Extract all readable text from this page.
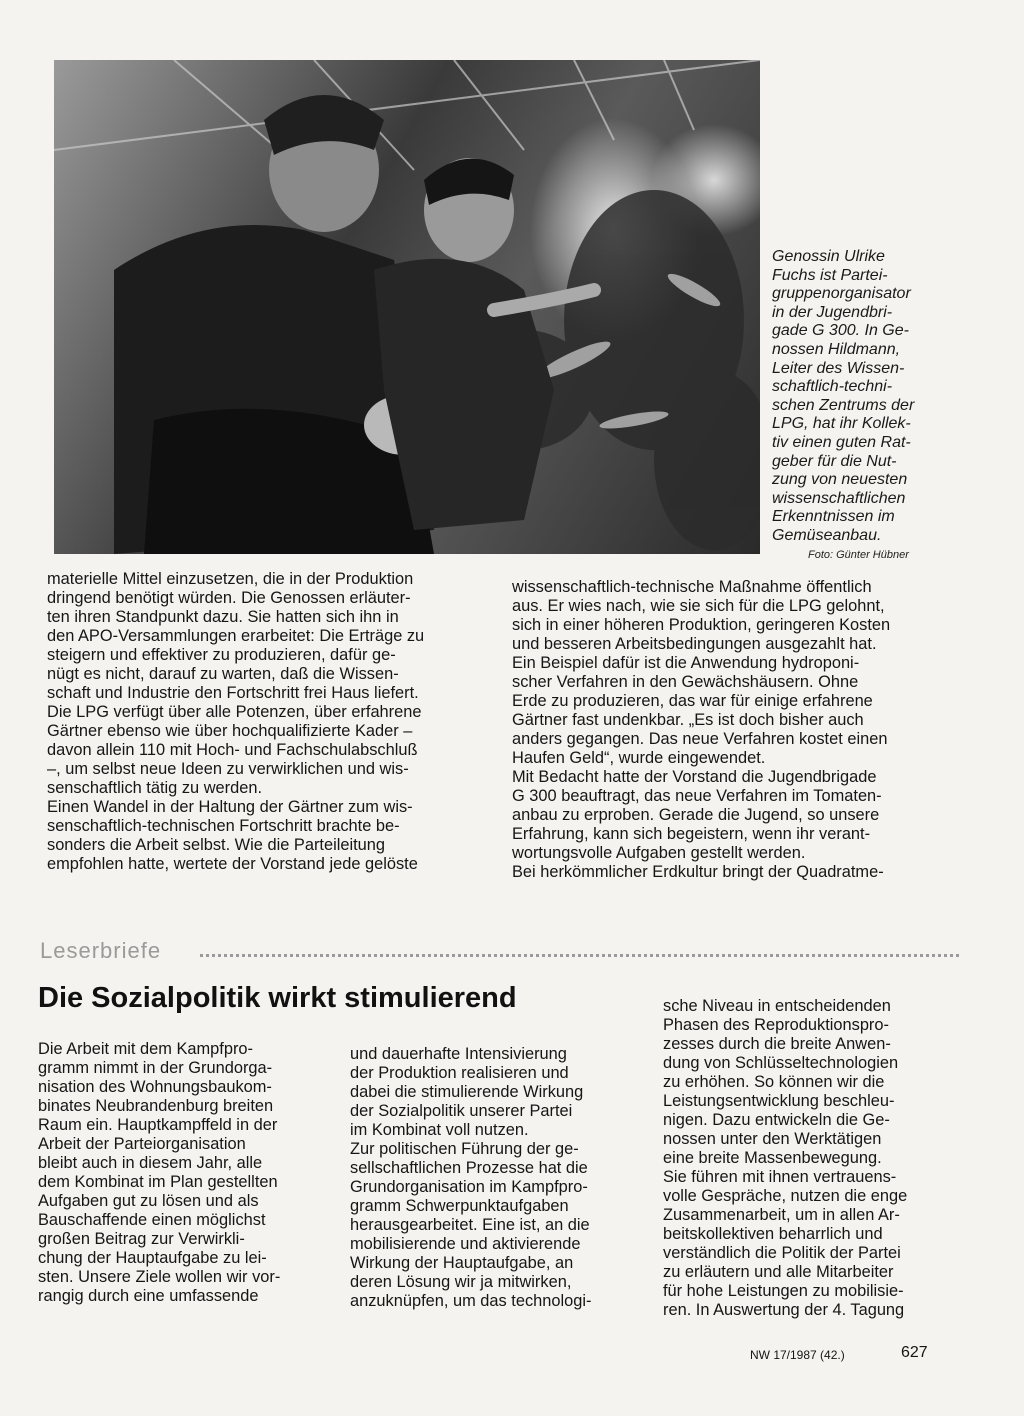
Genossin Ulrike

Fuchs ist Partei-

gruppenorganisator

in der Jugendbri-

gade G 300. In Ge-

nossen Hildmann,

Leiter des Wissen-

schaftlich-techni-

schen Zentrums der

LPG, hat ihr Kollek-

tiv einen guten Rat-

geber für die Nut-

zung von neuesten

wissenschaftlichen

Erkenntnissen im

Gemüseanbau.

Foto: Günter Hübner

materielle Mittel einzusetzen, die in der Produktion

dringend benötigt würden. Die Genossen erläuter-

ten ihren Standpunkt dazu. Sie hatten sich ihn in

den APO-Versammlungen erarbeitet: Die Erträge zu

steigern und effektiver zu produzieren, dafür ge-

nügt es nicht, darauf zu warten, daß die Wissen-

schaft und Industrie den Fortschritt frei Haus liefert.

Die LPG verfügt über alle Potenzen, über erfahrene

Gärtner ebenso wie über hochqualifizierte Kader –

davon allein 110 mit Hoch- und Fachschulabschluß

–, um selbst neue Ideen zu verwirklichen und wis-

senschaftlich tätig zu werden.

Einen Wandel in der Haltung der Gärtner zum wis-

senschaftlich-technischen Fortschritt brachte be-

sonders die Arbeit selbst. Wie die Parteileitung

empfohlen hatte, wertete der Vorstand jede gelöste

wissenschaftlich-technische Maßnahme öffentlich

aus. Er wies nach, wie sie sich für die LPG gelohnt,

sich in einer höheren Produktion, geringeren Kosten

und besseren Arbeitsbedingungen ausgezahlt hat.

Ein Beispiel dafür ist die Anwendung hydroponi-

scher Verfahren in den Gewächshäusern. Ohne

Erde zu produzieren, das war für einige erfahrene

Gärtner fast undenkbar. „Es ist doch bisher auch

anders gegangen. Das neue Verfahren kostet einen

Haufen Geld“, wurde eingewendet.

Mit Bedacht hatte der Vorstand die Jugendbrigade

G 300 beauftragt, das neue Verfahren im Tomaten-

anbau zu erproben. Gerade die Jugend, so unsere

Erfahrung, kann sich begeistern, wenn ihr verant-

wortungsvolle Aufgaben gestellt werden.

Bei herkömmlicher Erdkultur bringt der Quadratme-

Leserbriefe
Die Sozialpolitik wirkt stimulierend

Die Arbeit mit dem Kampfpro-

gramm nimmt in der Grundorga-

nisation des Wohnungsbaukom-

binates Neubrandenburg breiten

Raum ein. Hauptkampffeld in der

Arbeit der Parteiorganisation

bleibt auch in diesem Jahr, alle

dem Kombinat im Plan gestellten

Aufgaben gut zu lösen und als

Bauschaffende einen möglichst

großen Beitrag zur Verwirkli-

chung der Hauptaufgabe zu lei-

sten. Unsere Ziele wollen wir vor-

rangig durch eine umfassende

und dauerhafte Intensivierung

der Produktion realisieren und

dabei die stimulierende Wirkung

der Sozialpolitik unserer Partei

im Kombinat voll nutzen.

Zur politischen Führung der ge-

sellschaftlichen Prozesse hat die

Grundorganisation im Kampfpro-

gramm Schwerpunktaufgaben

herausgearbeitet. Eine ist, an die

mobilisierende und aktivierende

Wirkung der Hauptaufgabe, an

deren Lösung wir ja mitwirken,

anzuknüpfen, um das technologi-

sche Niveau in entscheidenden

Phasen des Reproduktionspro-

zesses durch die breite Anwen-

dung von Schlüsseltechnologien

zu erhöhen. So können wir die

Leistungsentwicklung beschleu-

nigen. Dazu entwickeln die Ge-

nossen unter den Werktätigen

eine breite Massenbewegung.

Sie führen mit ihnen vertrauens-

volle Gespräche, nutzen die enge

Zusammenarbeit, um in allen Ar-

beitskollektiven beharrlich und

verständlich die Politik der Partei

zu erläutern und alle Mitarbeiter

für hohe Leistungen zu mobilisie-

ren. In Auswertung der 4. Tagung

NW 17/1987 (42.)	627
